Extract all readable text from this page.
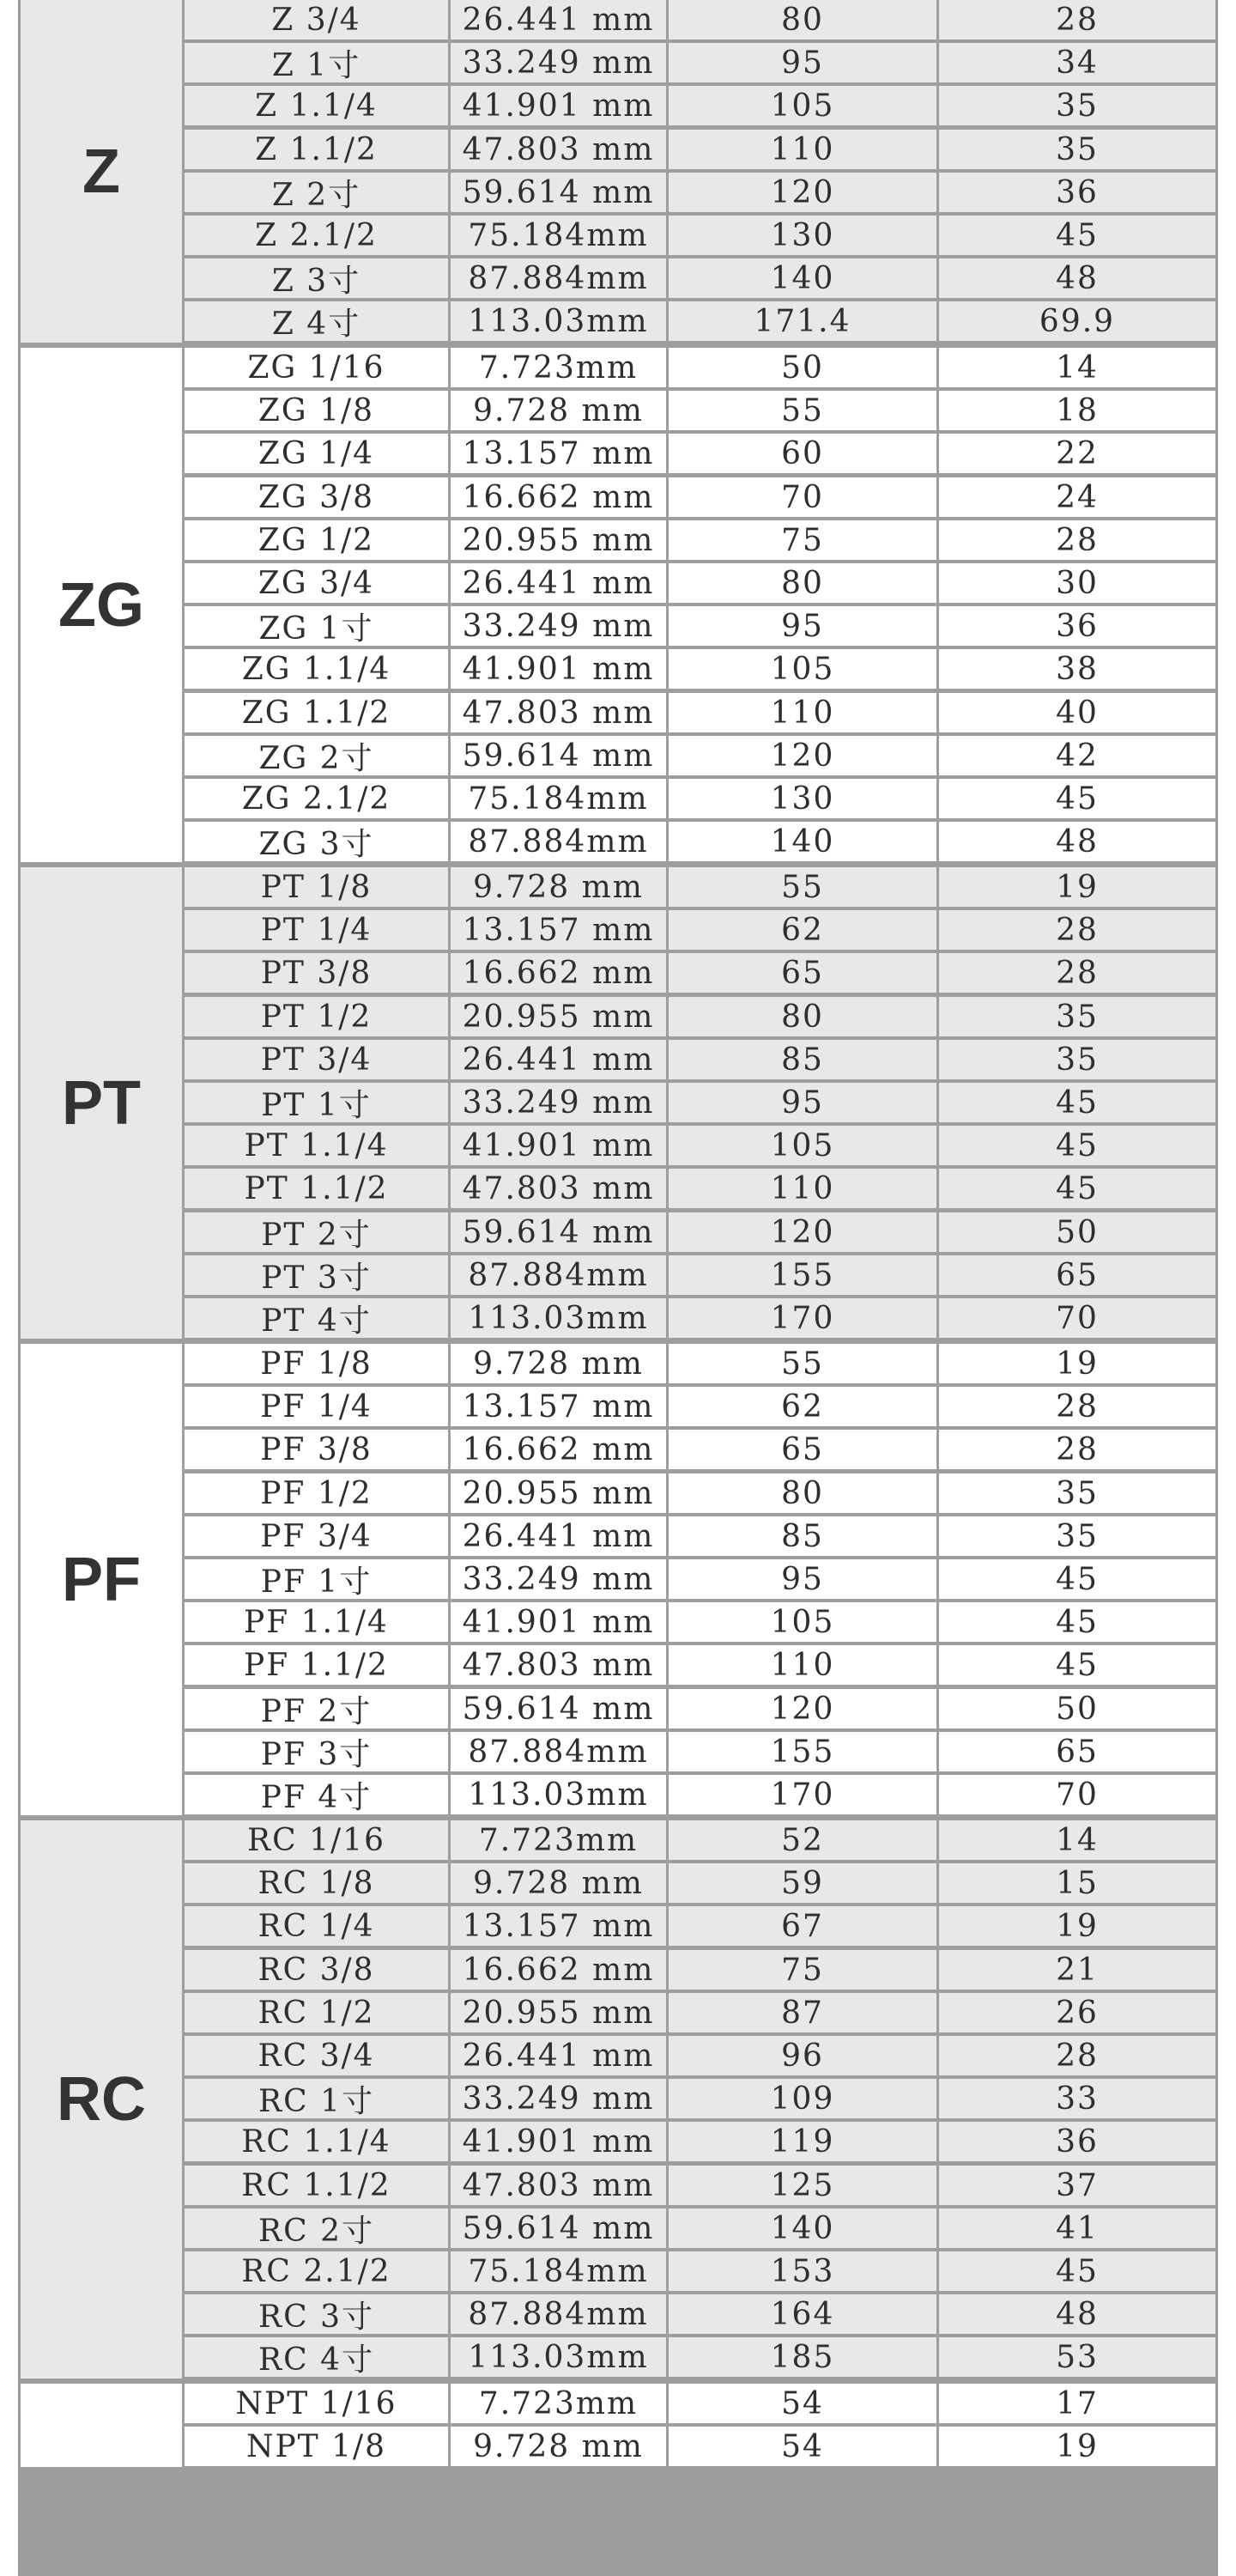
Z
Z 3/4	26.441 mm	80	28
Z 1寸	33.249 mm	95	34
Z 1.1/4	41.901 mm	105	35
Z 1.1/2	47.803 mm	110	35
Z 2寸	59.614 mm	120	36
Z 2.1/2	75.184mm	130	45
Z 3寸	87.884mm	140	48
Z 4寸	113.03mm	171.4	69.9
ZG
ZG 1/16	7.723mm	50	14
ZG 1/8	9.728 mm	55	18
ZG 1/4	13.157 mm	60	22
ZG 3/8	16.662 mm	70	24
ZG 1/2	20.955 mm	75	28
ZG 3/4	26.441 mm	80	30
ZG 1寸	33.249 mm	95	36
ZG 1.1/4	41.901 mm	105	38
ZG 1.1/2	47.803 mm	110	40
ZG 2寸	59.614 mm	120	42
ZG 2.1/2	75.184mm	130	45
ZG 3寸	87.884mm	140	48
PT
PT 1/8	9.728 mm	55	19
PT 1/4	13.157 mm	62	28
PT 3/8	16.662 mm	65	28
PT 1/2	20.955 mm	80	35
PT 3/4	26.441 mm	85	35
PT 1寸	33.249 mm	95	45
PT 1.1/4	41.901 mm	105	45
PT 1.1/2	47.803 mm	110	45
PT 2寸	59.614 mm	120	50
PT 3寸	87.884mm	155	65
PT 4寸	113.03mm	170	70
PF
PF 1/8	9.728 mm	55	19
PF 1/4	13.157 mm	62	28
PF 3/8	16.662 mm	65	28
PF 1/2	20.955 mm	80	35
PF 3/4	26.441 mm	85	35
PF 1寸	33.249 mm	95	45
PF 1.1/4	41.901 mm	105	45
PF 1.1/2	47.803 mm	110	45
PF 2寸	59.614 mm	120	50
PF 3寸	87.884mm	155	65
PF 4寸	113.03mm	170	70
RC
RC 1/16	7.723mm	52	14
RC 1/8	9.728 mm	59	15
RC 1/4	13.157 mm	67	19
RC 3/8	16.662 mm	75	21
RC 1/2	20.955 mm	87	26
RC 3/4	26.441 mm	96	28
RC 1寸	33.249 mm	109	33
RC 1.1/4	41.901 mm	119	36
RC 1.1/2	47.803 mm	125	37
RC 2寸	59.614 mm	140	41
RC 2.1/2	75.184mm	153	45
RC 3寸	87.884mm	164	48
RC 4寸	113.03mm	185	53
NPT 1/16	7.723mm	54	17
NPT 1/8	9.728 mm	54	19
